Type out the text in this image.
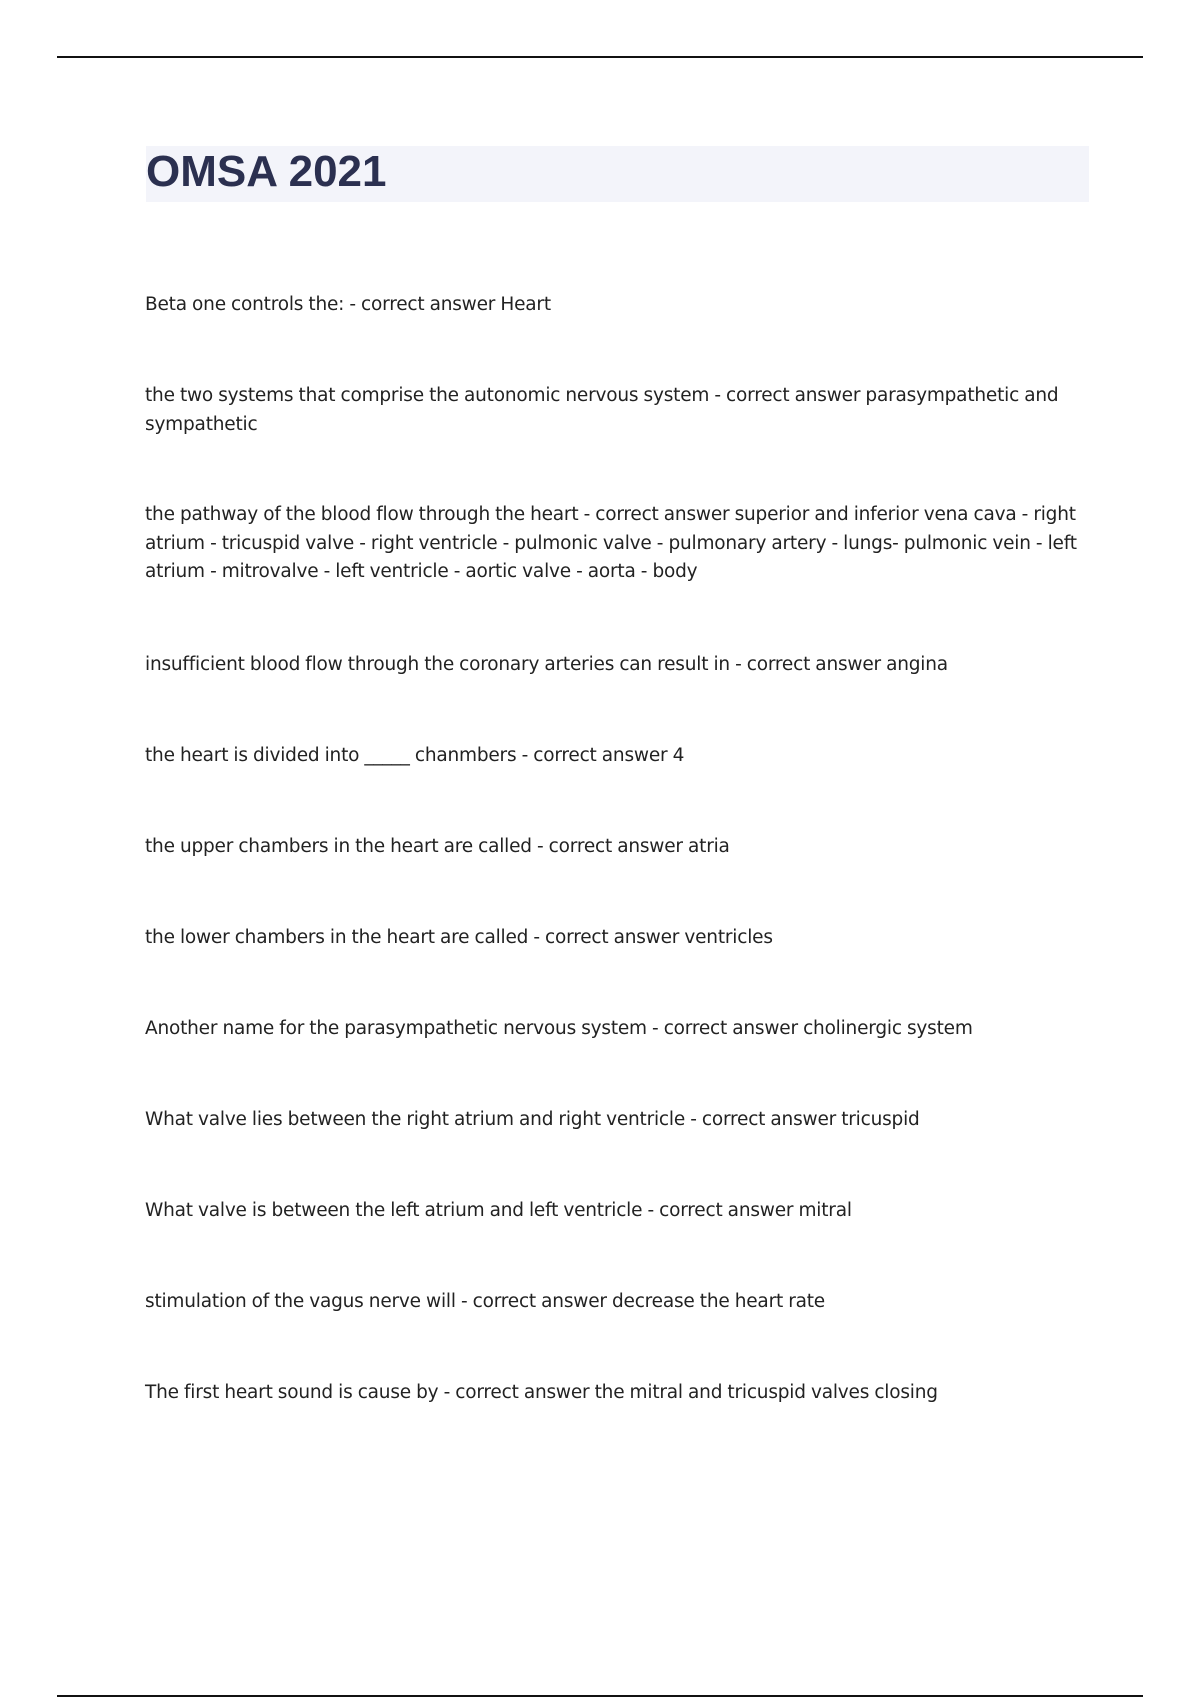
OMSA 2021

Beta one controls the: - correct answer Heart

the two systems that comprise the autonomic nervous system - correct answer parasympathetic and sympathetic

the pathway of the blood flow through the heart - correct answer superior and inferior vena cava - right atrium - tricuspid valve - right ventricle - pulmonic valve - pulmonary artery - lungs- pulmonic vein - left atrium - mitrovalve - left ventricle - aortic valve - aorta - body

insufficient blood flow through the coronary arteries can result in - correct answer angina

the heart is divided into _____ chanmbers - correct answer 4

the upper chambers in the heart are called - correct answer atria

the lower chambers in the heart are called - correct answer ventricles

Another name for the parasympathetic nervous system - correct answer cholinergic system

What valve lies between the right atrium and right ventricle - correct answer tricuspid

What valve is between the left atrium and left ventricle - correct answer mitral

stimulation of the vagus nerve will - correct answer decrease the heart rate

The first heart sound is cause by - correct answer the mitral and tricuspid valves closing
